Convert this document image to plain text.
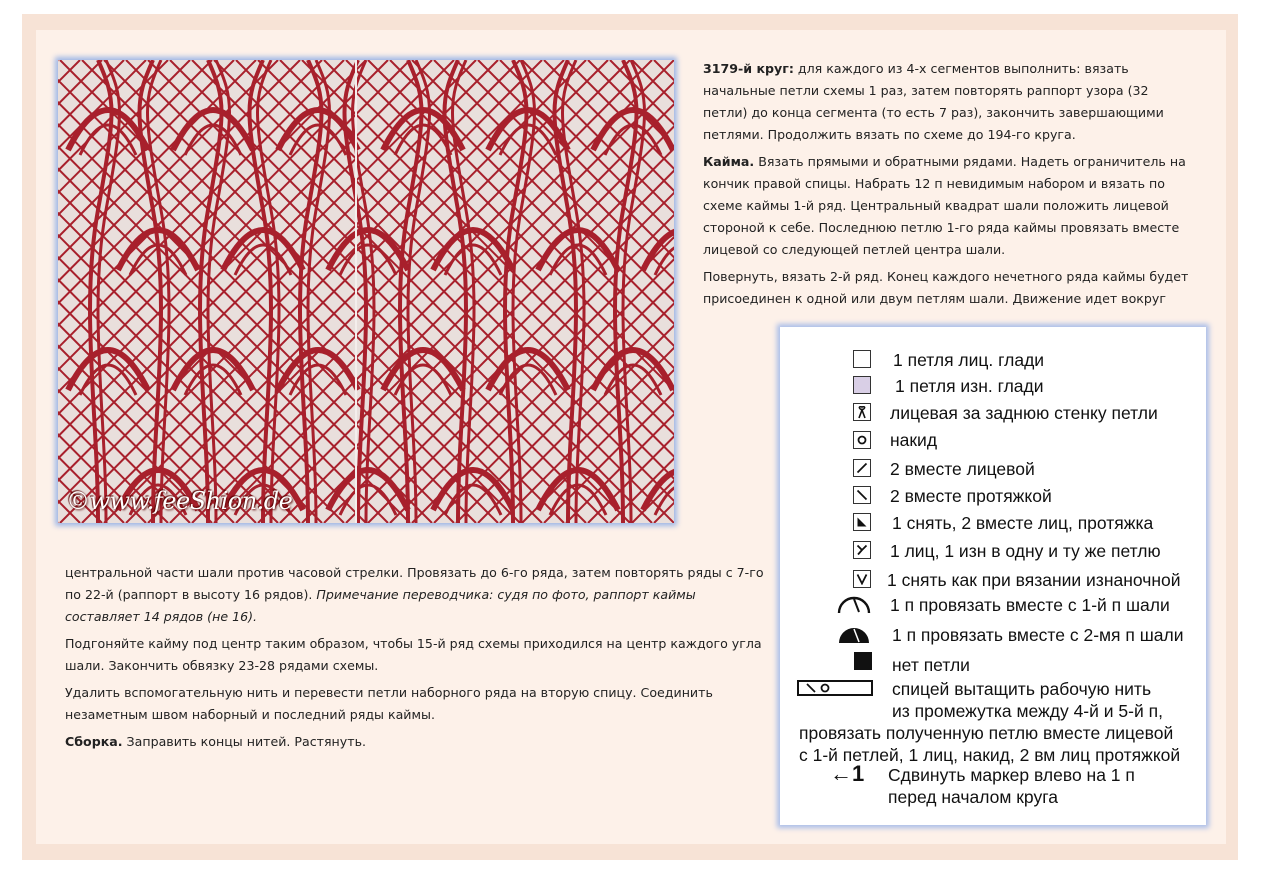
©www.feeShion.de

3179-й круг: для каждого из 4-х сегментов выполнить: вязать начальные петли схемы 1 раз, затем повторять раппорт узора (32 петли) до конца сегмента (то есть 7 раз), закончить завершающими петлями. Продолжить вязать по схеме до 194-го круга.

Кайма. Вязать прямыми и обратными рядами. Надеть ограничитель на кончик правой спицы. Набрать 12 п невидимым набором и вязать по схеме каймы 1-й ряд. Центральный квадрат шали положить лицевой стороной к себе. Последнюю петлю 1-го ряда каймы провязать вместе лицевой со следующей петлей центра шали.

Повернуть, вязать 2-й ряд. Конец каждого нечетного ряда каймы будет присоединен к одной или двум петлям шали. Движение идет вокруг

центральной части шали против часовой стрелки. Провязать до 6-го ряда, затем повторять ряды с 7-го по 22-й (раппорт в высоту 16 рядов). Примечание переводчика: судя по фото, раппорт каймы составляет 14 рядов (не 16).

Подгоняйте кайму под центр таким образом, чтобы 15-й ряд схемы приходился на центр каждого угла шали. Закончить обвязку 23-28 рядами схемы.

Удалить вспомогательную нить и перевести петли наборного ряда на вторую спицу. Соединить незаметным швом наборный и последний ряды каймы.

Сборка. Заправить концы нитей. Растянуть.

1 петля лиц. глади
1 петля изн. глади
лицевая за заднюю стенку петли
накид
2 вместе лицевой
2 вместе протяжкой
1 снять, 2 вместе лиц, протяжка
1 лиц, 1 изн в одну и ту же петлю
1 снять как при вязании изнаночной
1 п провязать вместе с 1-й п шали
1 п провязать вместе с 2-мя п шали
нет петли
спицей вытащить рабочую нить
из промежутка между 4-й и 5-й п,
провязать полученную петлю вместе лицевой
с 1-й петлей, 1 лиц, накид, 2 вм лиц протяжкой
←1 Сдвинуть маркер влево на 1 п
перед началом круга
